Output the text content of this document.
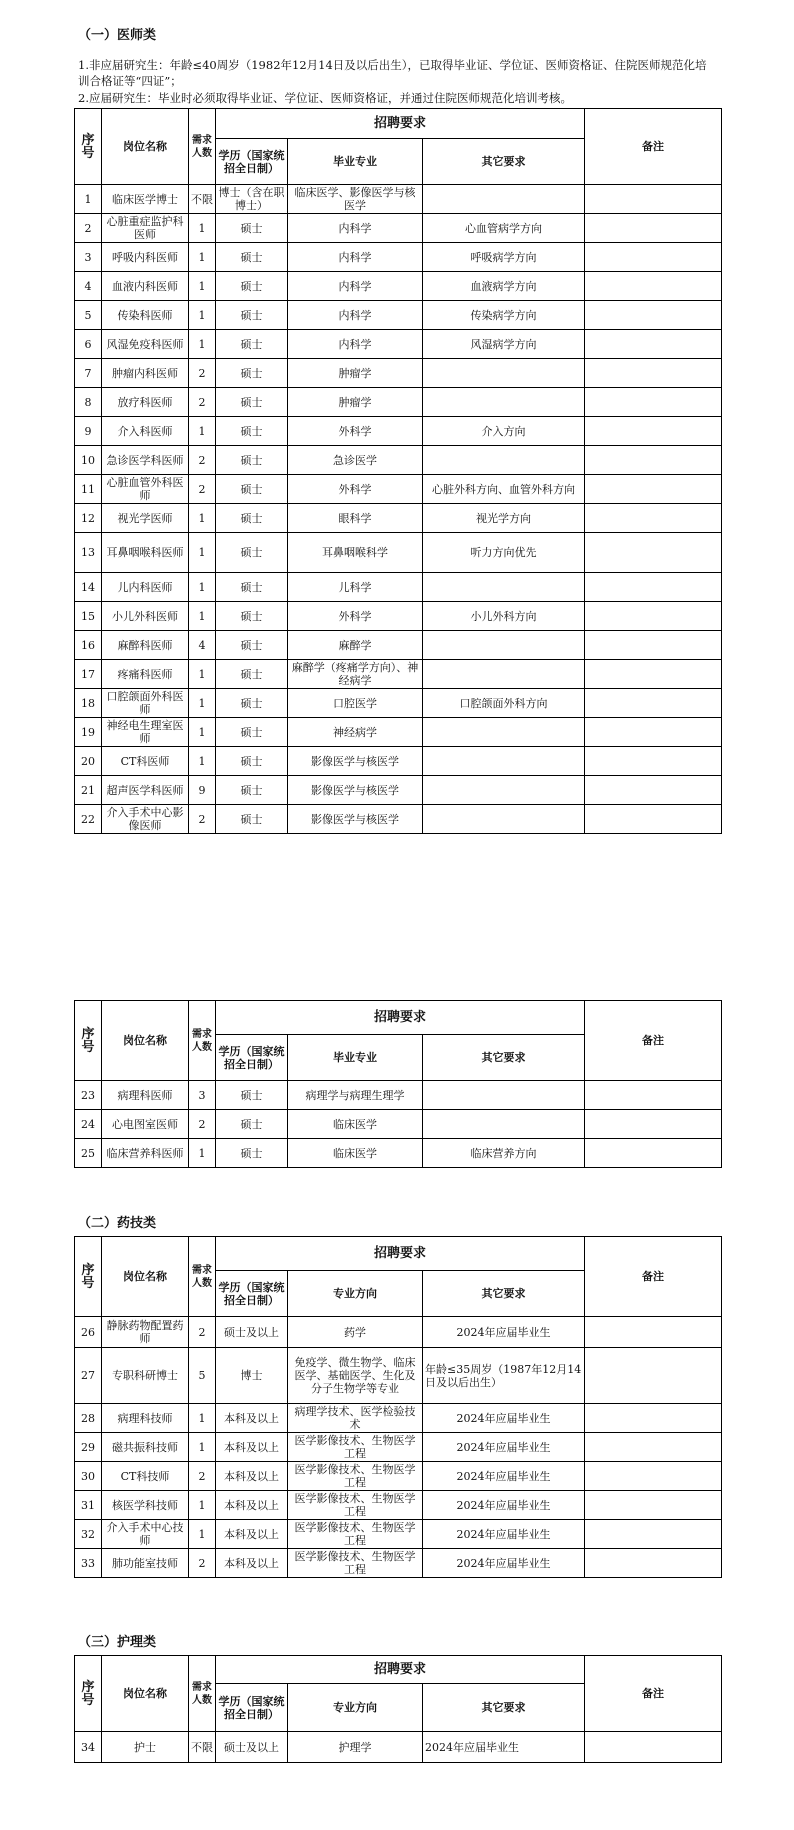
（一）医师类
1.非应届研究生：年龄≤40周岁（1982年12月14日及以后出生），已取得毕业证、学位证、医师资格证、住院医师规范化培训合格证等“四证”；
2.应届研究生：毕业时必须取得毕业证、学位证、医师资格证，并通过住院医师规范化培训考核。
序号	岗位名称	需求人数	招聘要求			备注
			学历（国家统招全日制）	毕业专业	其它要求	
1	临床医学博士	不限	博士（含在职博士）	临床医学、影像医学与核医学		
2	心脏重症监护科医师	1	硕士	内科学	心血管病学方向	
3	呼吸内科医师	1	硕士	内科学	呼吸病学方向	
4	血液内科医师	1	硕士	内科学	血液病学方向	
5	传染科医师	1	硕士	内科学	传染病学方向	
6	风湿免疫科医师	1	硕士	内科学	风湿病学方向	
7	肿瘤内科医师	2	硕士	肿瘤学		
8	放疗科医师	2	硕士	肿瘤学		
9	介入科医师	1	硕士	外科学	介入方向	
10	急诊医学科医师	2	硕士	急诊医学		
11	心脏血管外科医师	2	硕士	外科学	心脏外科方向、血管外科方向	
12	视光学医师	1	硕士	眼科学	视光学方向	
13	耳鼻咽喉科医师	1	硕士	耳鼻咽喉科学	听力方向优先	
14	儿内科医师	1	硕士	儿科学		
15	小儿外科医师	1	硕士	外科学	小儿外科方向	
16	麻醉科医师	4	硕士	麻醉学		
17	疼痛科医师	1	硕士	麻醉学（疼痛学方向）、神经病学		
18	口腔颌面外科医师	1	硕士	口腔医学	口腔颌面外科方向	
19	神经电生理室医师	1	硕士	神经病学		
20	CT科医师	1	硕士	影像医学与核医学		
21	超声医学科医师	9	硕士	影像医学与核医学		
22	介入手术中心影像医师	2	硕士	影像医学与核医学		
序号	岗位名称	需求人数	招聘要求			备注
			学历（国家统招全日制）	毕业专业	其它要求	
23	病理科医师	3	硕士	病理学与病理生理学		
24	心电图室医师	2	硕士	临床医学		
25	临床营养科医师	1	硕士	临床医学	临床营养方向	
（二）药技类
序号	岗位名称	需求人数	招聘要求			备注
			学历（国家统招全日制）	专业方向	其它要求	
26	静脉药物配置药师	2	硕士及以上	药学	2024年应届毕业生	
27	专职科研博士	5	博士	免疫学、微生物学、临床医学、基础医学、生化及分子生物学等专业	年龄≤35周岁（1987年12月14日及以后出生）	
28	病理科技师	1	本科及以上	病理学技术、医学检验技术	2024年应届毕业生	
29	磁共振科技师	1	本科及以上	医学影像技术、生物医学工程	2024年应届毕业生	
30	CT科技师	2	本科及以上	医学影像技术、生物医学工程	2024年应届毕业生	
31	核医学科技师	1	本科及以上	医学影像技术、生物医学工程	2024年应届毕业生	
32	介入手术中心技师	1	本科及以上	医学影像技术、生物医学工程	2024年应届毕业生	
33	肺功能室技师	2	本科及以上	医学影像技术、生物医学工程	2024年应届毕业生	
（三）护理类
序号	岗位名称	需求人数	招聘要求			备注
			学历（国家统招全日制）	专业方向	其它要求	
34	护士	不限	硕士及以上	护理学	2024年应届毕业生	
